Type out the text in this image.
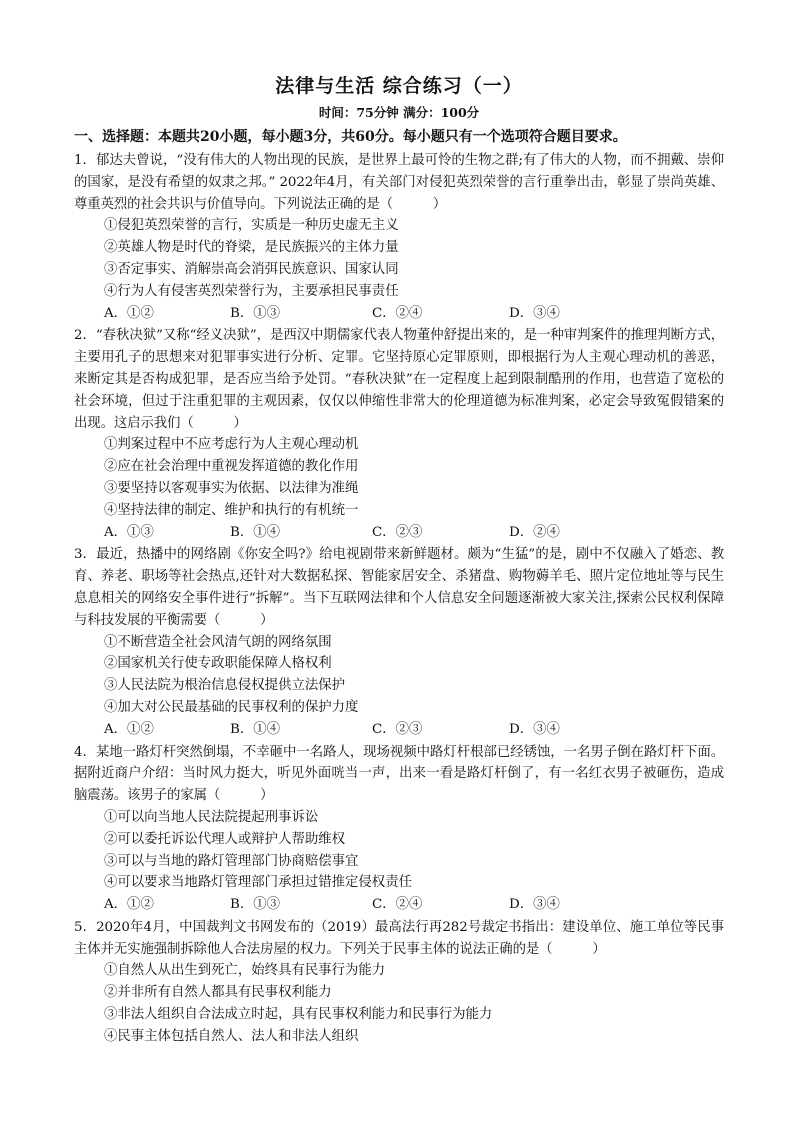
法律与生活 综合练习（一）
时间：75分钟 满分：100分
一、选择题：本题共20小题，每小题3分，共60分。每小题只有一个选项符合题目要求。

1．郁达夫曾说，“没有伟大的人物出现的民族，是世界上最可怜的生物之群;有了伟大的人物，而不拥戴、崇仰的国家，是没有希望的奴隶之邦。” 2022年4月，有关部门对侵犯英烈荣誉的言行重拳出击，彰显了崇尚英雄、尊重英烈的社会共识与价值导向。下列说法正确的是（　　　）

①侵犯英烈荣誉的言行，实质是一种历史虚无主义
②英雄人物是时代的脊梁，是民族振兴的主体力量
③否定事实、消解崇高会消弭民族意识、国家认同
④行为人有侵害英烈荣誉行为，主要承担民事责任
A．①②	B．①③	C．②④	D．③④

2．“春秋决狱”又称“经义决狱”，是西汉中期儒家代表人物董仲舒提出来的，是一种审判案件的推理判断方式，主要用孔子的思想来对犯罪事实进行分析、定罪。它坚持原心定罪原则，即根据行为人主观心理动机的善恶，来断定其是否构成犯罪，是否应当给予处罚。“春秋决狱”在一定程度上起到限制酷刑的作用，也营造了宽松的社会环境，但过于注重犯罪的主观因素，仅仅以伸缩性非常大的伦理道德为标准判案，必定会导致冤假错案的出现。这启示我们（　　　）

①判案过程中不应考虑行为人主观心理动机
②应在社会治理中重视发挥道德的教化作用
③要坚持以客观事实为依据、以法律为准绳
④坚持法律的制定、维护和执行的有机统一
A．①③	B．①④	C．②③	D．②④

3．最近，热播中的网络剧《你安全吗?》给电视剧带来新鲜题材。颇为“生猛”的是，剧中不仅融入了婚恋、教育、养老、职场等社会热点,还针对大数据私探、智能家居安全、杀猪盘、购物薅羊毛、照片定位地址等与民生息息相关的网络安全事件进行“拆解”。当下互联网法律和个人信息安全问题逐渐被大家关注,探索公民权利保障与科技发展的平衡需要（　　　）

①不断营造全社会风清气朗的网络氛围
②国家机关行使专政职能保障人格权利
③人民法院为根治信息侵权提供立法保护
④加大对公民最基础的民事权利的保护力度
A．①②	B．①④	C．②③	D．③④

4．某地一路灯杆突然倒塌，不幸砸中一名路人，现场视频中路灯杆根部已经锈蚀，一名男子倒在路灯杆下面。据附近商户介绍：当时风力挺大，听见外面咣当一声，出来一看是路灯杆倒了，有一名红衣男子被砸伤，造成脑震荡。该男子的家属（　　　）

①可以向当地人民法院提起刑事诉讼
②可以委托诉讼代理人或辩护人帮助维权
③可以与当地的路灯管理部门协商赔偿事宜
④可以要求当地路灯管理部门承担过错推定侵权责任
A．①②	B．①③	C．②④	D．③④

5．2020年4月，中国裁判文书网发布的（2019）最高法行再282号裁定书指出：建设单位、施工单位等民事主体并无实施强制拆除他人合法房屋的权力。下列关于民事主体的说法正确的是（　　　）

①自然人从出生到死亡，始终具有民事行为能力
②并非所有自然人都具有民事权利能力
③非法人组织自合法成立时起，具有民事权利能力和民事行为能力
④民事主体包括自然人、法人和非法人组织
